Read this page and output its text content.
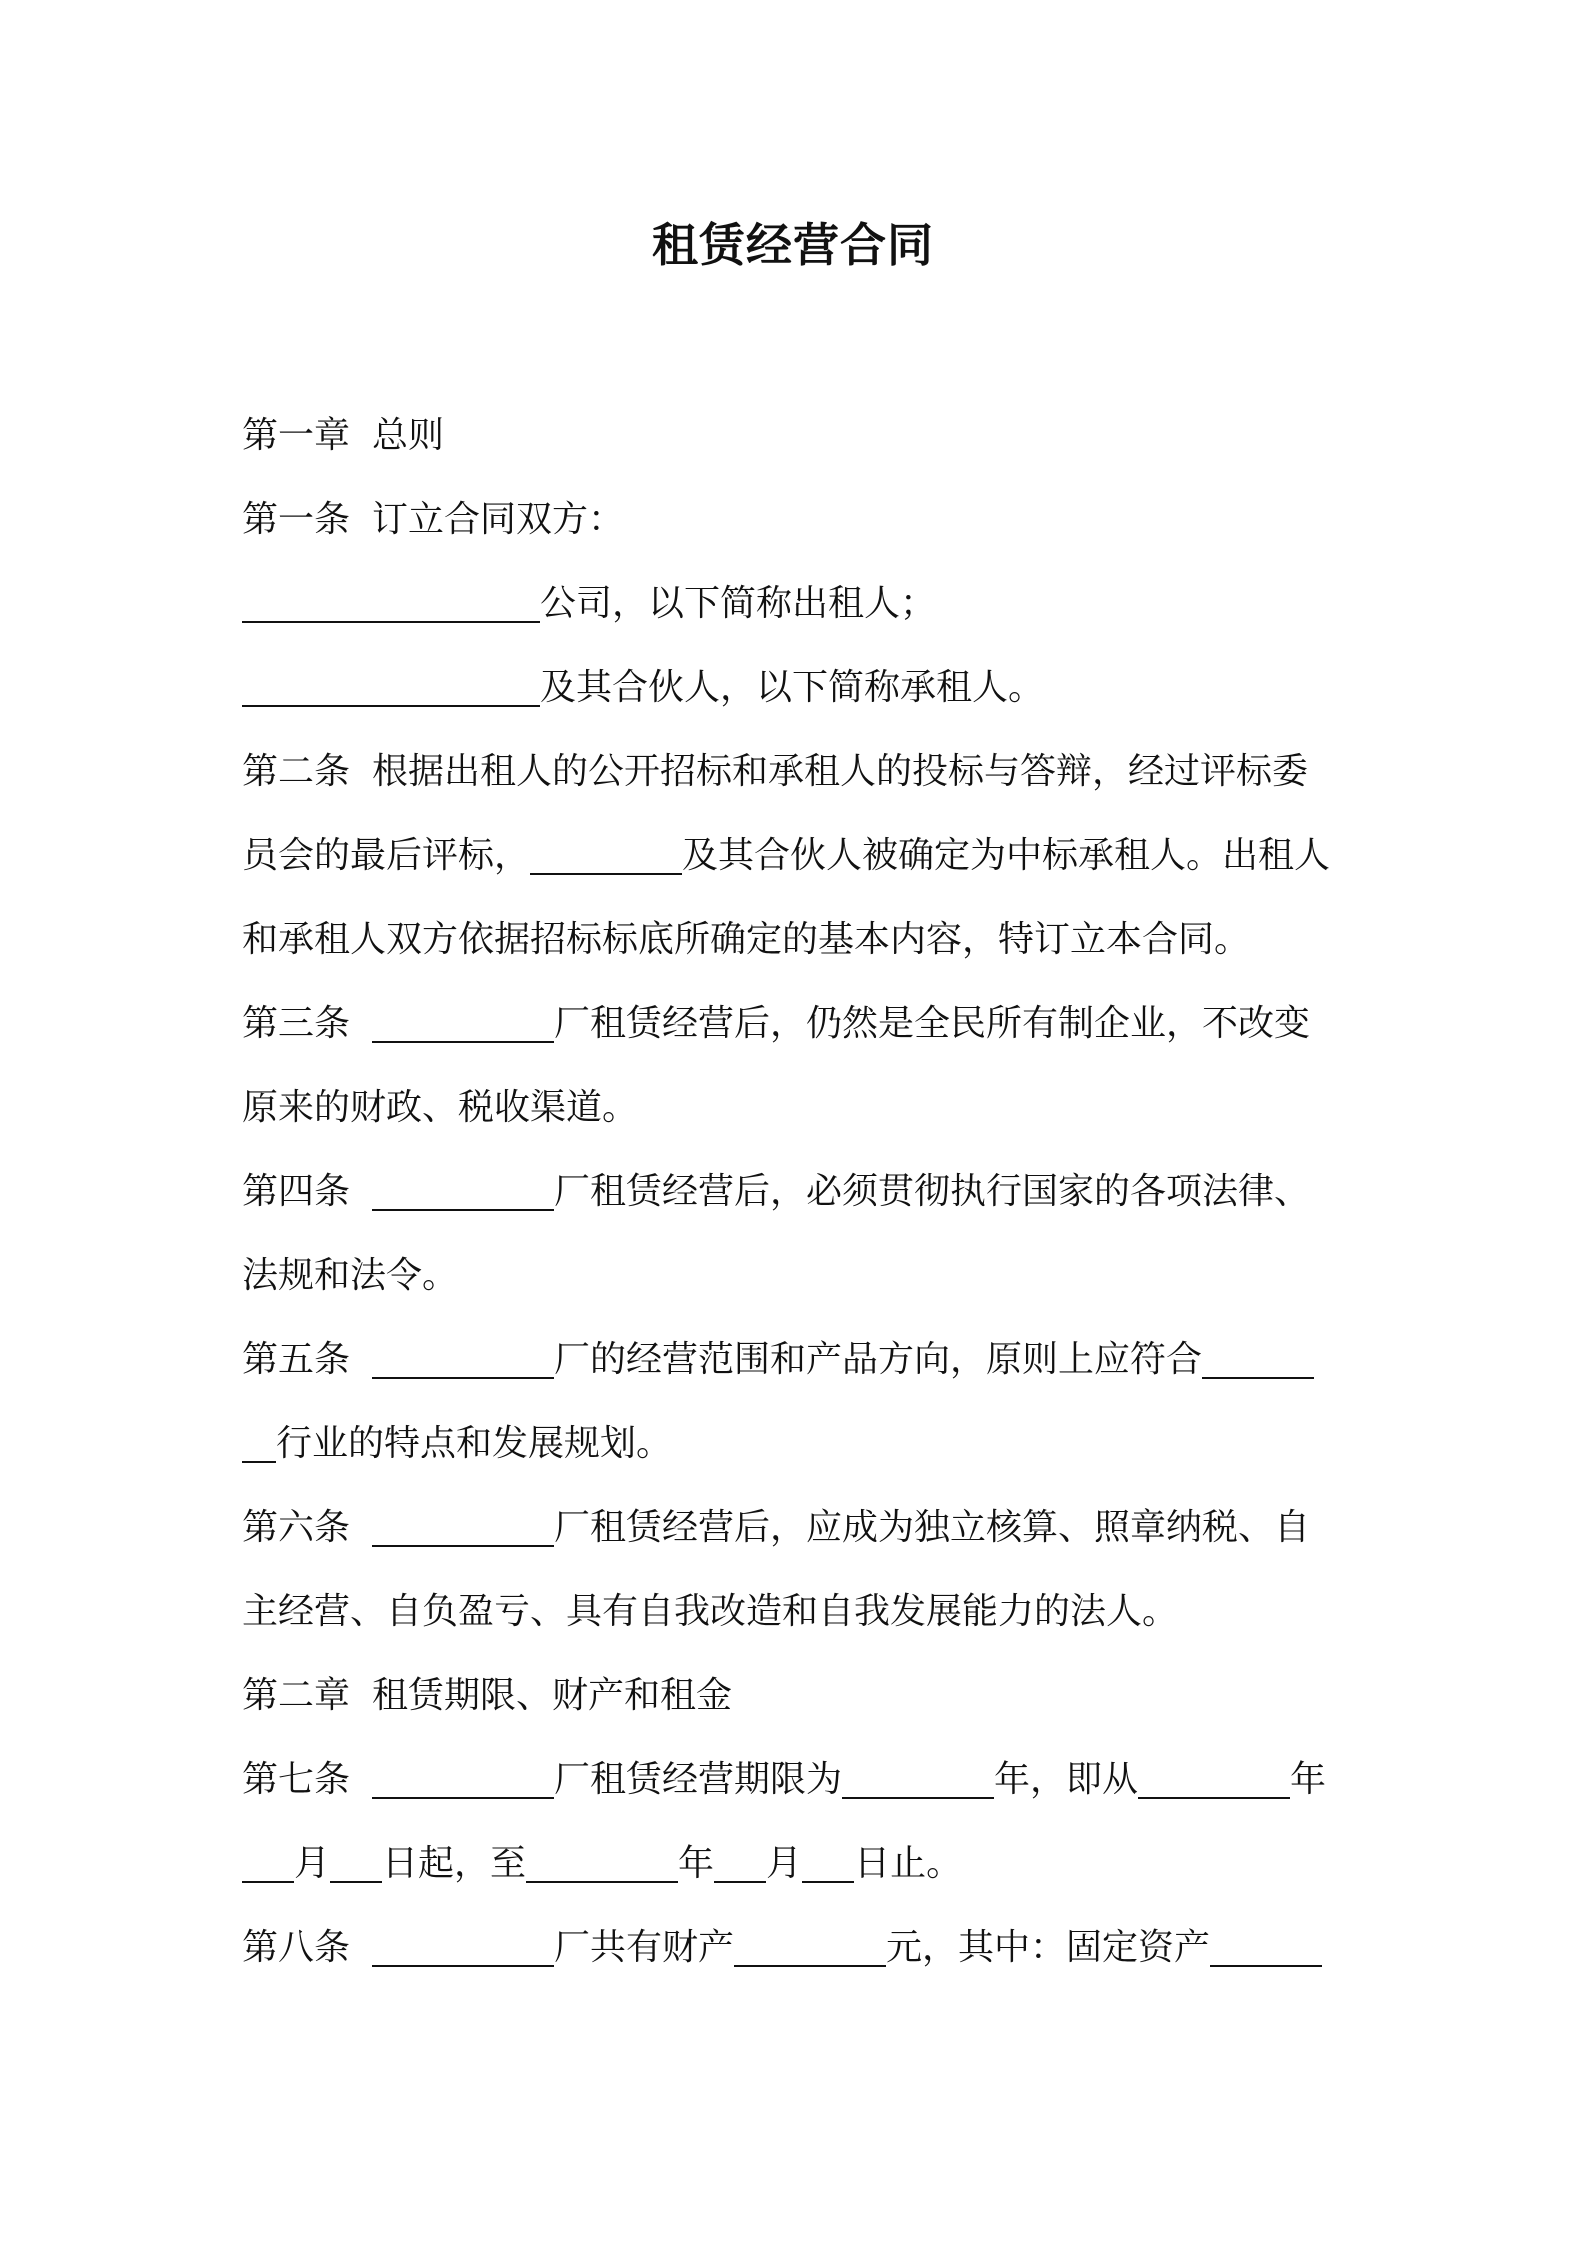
租赁经营合同
第一章 总则
第一条 订立合同双方：
公司，以下简称出租人；
及其合伙人，以下简称承租人。
第二条 根据出租人的公开招标和承租人的投标与答辩，经过评标委
员会的最后评标，	及其合伙人被确定为中标承租人。出租人
和承租人双方依据招标标底所确定的基本内容，特订立本合同。
第三条	厂租赁经营后，仍然是全民所有制企业，不改变
原来的财政、税收渠道。
第四条	厂租赁经营后，必须贯彻执行国家的各项法律、
法规和法令。
第五条	厂的经营范围和产品方向，原则上应符合
行业的特点和发展规划。
第六条	厂租赁经营后，应成为独立核算、照章纳税、自
主经营、自负盈亏、具有自我改造和自我发展能力的法人。
第二章 租赁期限、财产和租金
第七条	厂租赁经营期限为	年，即从	年
月 日起，至	年 月 日止。
第八条	厂共有财产	元，其中：固定资产
